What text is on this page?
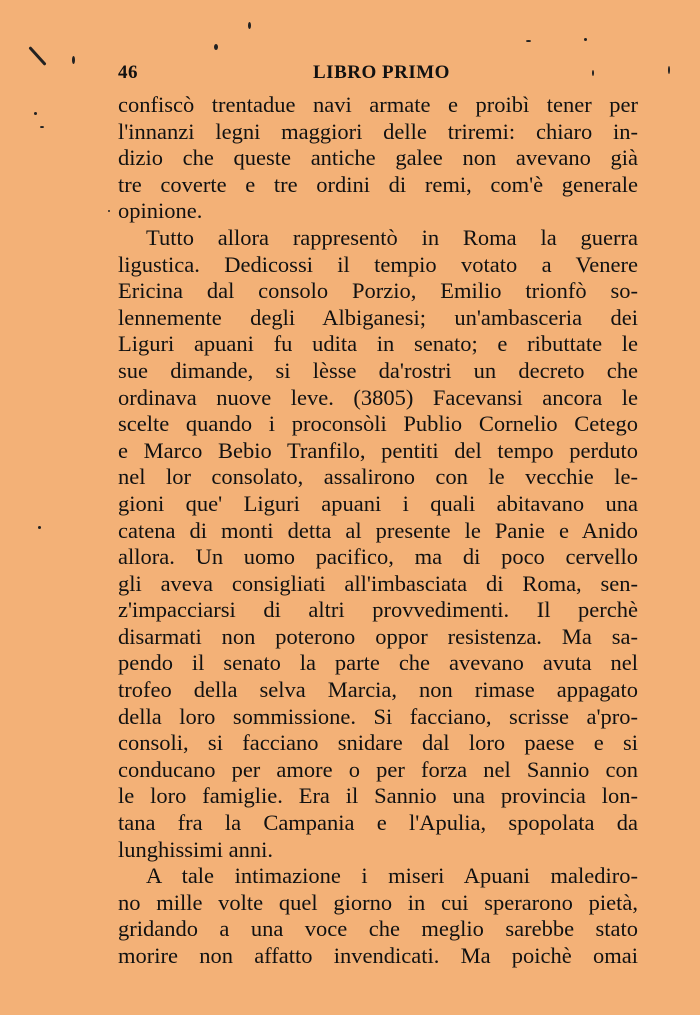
46	LIBRO PRIMO
confiscò trentadue navi armate e proibì tener per
l'innanzi legni maggiori delle triremi: chiaro in-
dizio che queste antiche galee non avevano già
tre coverte e tre ordini di remi, com'è generale
opinione.
Tutto allora rappresentò in Roma la guerra
ligustica. Dedicossi il tempio votato a Venere
Ericina dal consolo Porzio, Emilio trionfò so-
lennemente degli Albiganesi; un'ambasceria dei
Liguri apuani fu udita in senato; e ributtate le
sue dimande, si lèsse da'rostri un decreto che
ordinava nuove leve. (3805) Facevansi ancora le
scelte quando i proconsòli Publio Cornelio Cetego
e Marco Bebio Tranfilo, pentiti del tempo perduto
nel lor consolato, assalirono con le vecchie le-
gioni que' Liguri apuani i quali abitavano una
catena di monti detta al presente le Panie e Anido
allora. Un uomo pacifico, ma di poco cervello
gli aveva consigliati all'imbasciata di Roma, sen-
z'impacciarsi di altri provvedimenti. Il perchè
disarmati non poterono oppor resistenza. Ma sa-
pendo il senato la parte che avevano avuta nel
trofeo della selva Marcia, non rimase appagato
della loro sommissione. Si facciano, scrisse a'pro-
consoli, si facciano snidare dal loro paese e si
conducano per amore o per forza nel Sannio con
le loro famiglie. Era il Sannio una provincia lon-
tana fra la Campania e l'Apulia, spopolata da
lunghissimi anni.
A tale intimazione i miseri Apuani malediro-
no mille volte quel giorno in cui sperarono pietà,
gridando a una voce che meglio sarebbe stato
morire non affatto invendicati. Ma poichè omai
